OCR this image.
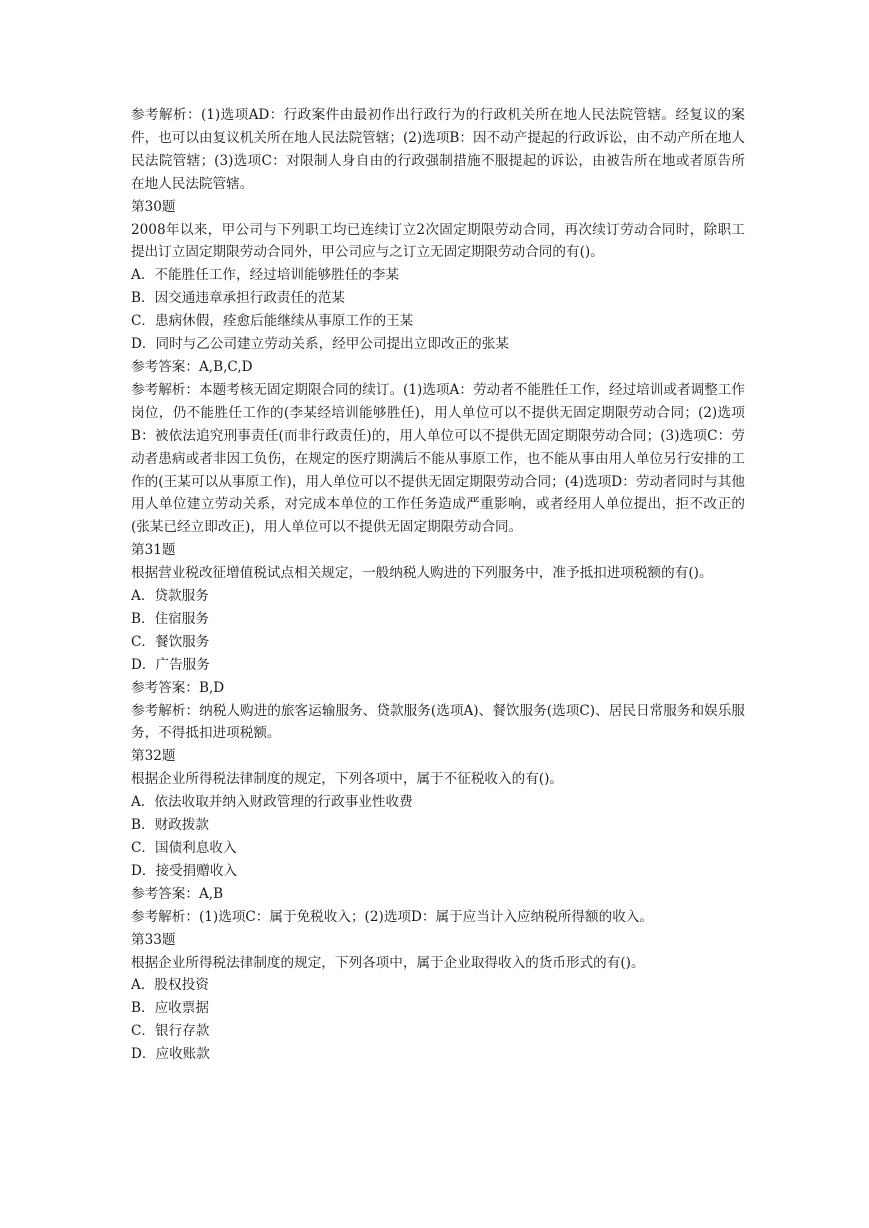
参考解析：(1)选项AD：行政案件由最初作出行政行为的行政机关所在地人民法院管辖。经复议的案件，也可以由复议机关所在地人民法院管辖；(2)选项B：因不动产提起的行政诉讼，由不动产所在地人民法院管辖；(3)选项C：对限制人身自由的行政强制措施不服提起的诉讼，由被告所在地或者原告所在地人民法院管辖。

第30题

2008年以来，甲公司与下列职工均已连续订立2次固定期限劳动合同，再次续订劳动合同时，除职工提出订立固定期限劳动合同外，甲公司应与之订立无固定期限劳动合同的有()。

A．不能胜任工作，经过培训能够胜任的李某

B．因交通违章承担行政责任的范某

C．患病休假，痊愈后能继续从事原工作的王某

D．同时与乙公司建立劳动关系，经甲公司提出立即改正的张某

参考答案：A,B,C,D

参考解析：本题考核无固定期限合同的续订。(1)选项A：劳动者不能胜任工作，经过培训或者调整工作岗位，仍不能胜任工作的(李某经培训能够胜任)，用人单位可以不提供无固定期限劳动合同；(2)选项B：被依法追究刑事责任(而非行政责任)的，用人单位可以不提供无固定期限劳动合同；(3)选项C：劳动者患病或者非因工负伤，在规定的医疗期满后不能从事原工作，也不能从事由用人单位另行安排的工作的(王某可以从事原工作)，用人单位可以不提供无固定期限劳动合同；(4)选项D：劳动者同时与其他用人单位建立劳动关系，对完成本单位的工作任务造成严重影响，或者经用人单位提出，拒不改正的(张某已经立即改正)，用人单位可以不提供无固定期限劳动合同。

第31题

根据营业税改征增值税试点相关规定，一般纳税人购进的下列服务中，准予抵扣进项税额的有()。

A．贷款服务

B．住宿服务

C．餐饮服务

D．广告服务

参考答案：B,D

参考解析：纳税人购进的旅客运输服务、贷款服务(选项A)、餐饮服务(选项C)、居民日常服务和娱乐服务，不得抵扣进项税额。

第32题

根据企业所得税法律制度的规定，下列各项中，属于不征税收入的有()。

A．依法收取并纳入财政管理的行政事业性收费

B．财政拨款

C．国债利息收入

D．接受捐赠收入

参考答案：A,B

参考解析：(1)选项C：属于免税收入；(2)选项D：属于应当计入应纳税所得额的收入。

第33题

根据企业所得税法律制度的规定，下列各项中，属于企业取得收入的货币形式的有()。

A．股权投资

B．应收票据

C．银行存款

D．应收账款
